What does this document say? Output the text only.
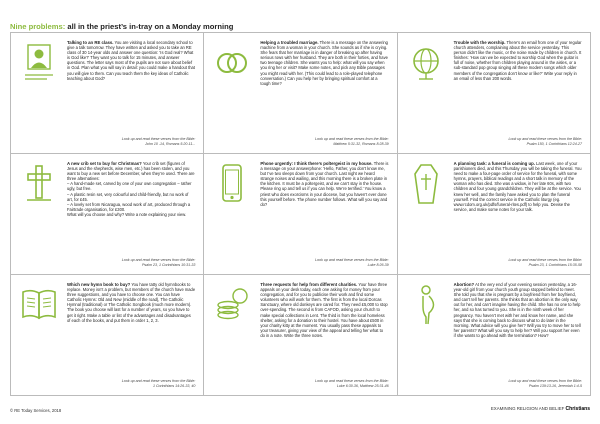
Nine problems: all in the priest’s in-tray on a Monday morning
Talking to an RE class. You are visiting a local secondary school to give a talk tomorrow. They have written and asked you to take an RE class of 30 14-year olds and answer one question: ‘Is God real? What is God like?’ They want you to talk for 15 minutes, and answer questions. The letter says most of the pupils are not sure about belief in God. Plan what you will say in detail: you could make a handout that you will give to them. Can you teach them the key ideas of Catholic teaching about God?
Look up and read these verses from the Bible:
John 10 -14, Romans 5:20-11...
Helping a troubled marriage. There is a message on the answering machine from a woman in your church. She sounds as if she is crying. She fears that her marriage is in danger of breaking up after having serious rows with her husband. They are both in their forties, and have two teenage children. She wants you to help: what will you say when you ring her or visit? Make some notes, and pick any Bible passages you might read with her. (This could lead to a role-played telephone conversation.) Can you help her by bringing spiritual comfort at a tough time?
Look up and read these verses from the Bible:
Matthew 5:31-32, Romans 8:28-39
Trouble with the worship. There’s an email from one of your regular church attenders, complaining about the service yesterday. This person didn’t like the music, or the noise made by children in church. It finishes: ‘How can we be expected to worship God when the guitar is full of noise, whether from children playing around in the aisles, or a sub-standard pop group singing all these modern songs which older members of the congregation don’t know or like?’ Write your reply in an email of less than 200 words.
Look up and read these verses from the Bible:
Psalm 150, 1 Corinthians 12:24-27
A new crib set to buy for Christmas? Your crib set (figures of Jesus and the shepherds, wise men, etc.) has been stolen, and you want to buy a new set before December, when they’re used. There are three alternatives:
– A hand-made set, carved by one of your own congregation – rather ugly, but free.
– A plastic resin set, very colourful and child-friendly, but no work of art, for £45.
– A lovely set from Nicaragua, wood work of art, produced through a Fairtrade organisation, for £300.
What will you choose and why? Write a note explaining your view.
Look up and read these verses from the Bible:
Psalm 23, 1 Corinthians 10:31-33
Phone urgently: I think there’s poltergeist in my house. There is a message on your answerphone: ‘Hello, Father, you don’t know me, but I’ve two sleeps down from your church. Last night we heard strange noises and wailing, and this morning there is a broken plate in the kitchen. It must be a poltergeist, and we can’t stay in the house. Please ring up and tell us if you can help. We’re terrified.’ You know a priest who does exorcisms in your diocese, but you haven’t ever done this yourself before. The phone number follows. What will you say and do?
Look up and read these verses from the Bible:
Luke 8:26-39
A planning task: a funeral is coming up. Last week, one of your parishioners died, and this Thursday you will be taking the funeral. You need to make a four-page order of service for the funeral, with some hymns, prayers, biblical readings and a short talk in memory of the woman who has died. She was a widow, in her late 60s, with two children and four young grandchildren. They will be at the service. You knew her well, and the family have asked you to plan the funeral yourself. Find the correct service in the Catholic liturgy (eg. www.rcdom.org.uk/pdfs/funeral-rites.pdf) to help you. Devise the service, and make some notes for your talk.
Look up and read these verses from the Bible:
Psalm 23, 1 Corinthians 15:35-58
Which new hymn book to buy? You have tatty old hymnbooks to replace. Money isn’t a problem, but members of the church have made three suggestions, and you have to choose one. You can have Catholic Hymns: Old and New (middle of the road), The Catholic Hymnal (traditional) or The Catholic Songbook (much more modern). The book you choose will last for a number of years, so you have to get it right. Make a table or list of the advantages and disadvantages of each of the books, and put them in order 1, 2, 3.
Look up and read these verses from the Bible:
1 Corinthians 14:26-33, 40
Three requests for help from different charities. Your have three appeals on your desk today, each one asking for money from your congregation, and for you to publicise their work and find some volunteers who will work for them. The first is from the local Dorcas Sanctuary, where old donkeys are cared for. They need £5,000 to stop over-spending. The second is from CAFOD, asking your church to make special collections in Lent. The third is from the local homeless shelter, asking for a donation to their hostel. You have about £500 in your charity kitty at the moment. You usually pass these appeals to your treasurer, giving your view of the appeal and telling her what to do in a note. Write the three notes.
Look up and read these verses from the Bible:
Luke 6:30-36, Matthew 25:31-46
Abortion? At the very end of your evening session yesterday, a 16-year-old girl from your church youth group stopped behind to meet. She told you that she is pregnant by a boyfriend from her boyfriend, and can’t tell her parents. She thinks that an abortion is the only way out for her, and can’t imagine having the child. She has no one to help her, and so has turned to you. She is in the ninth week of her pregnancy. You haven’t met with her and know her name, and she says that she is coming back to discuss what to do later in the morning. What advice will you give her? Will you try to move her to tell her parents? What will you say to help her? Will you support her even if she wants to go ahead with the termination? How?
Look up and read these verses from the Bible:
Psalm 139:13-16, Jeremiah 1:4-5
© RE Today Services, 2018	EXAMINING RELIGION AND BELIEF Christians
